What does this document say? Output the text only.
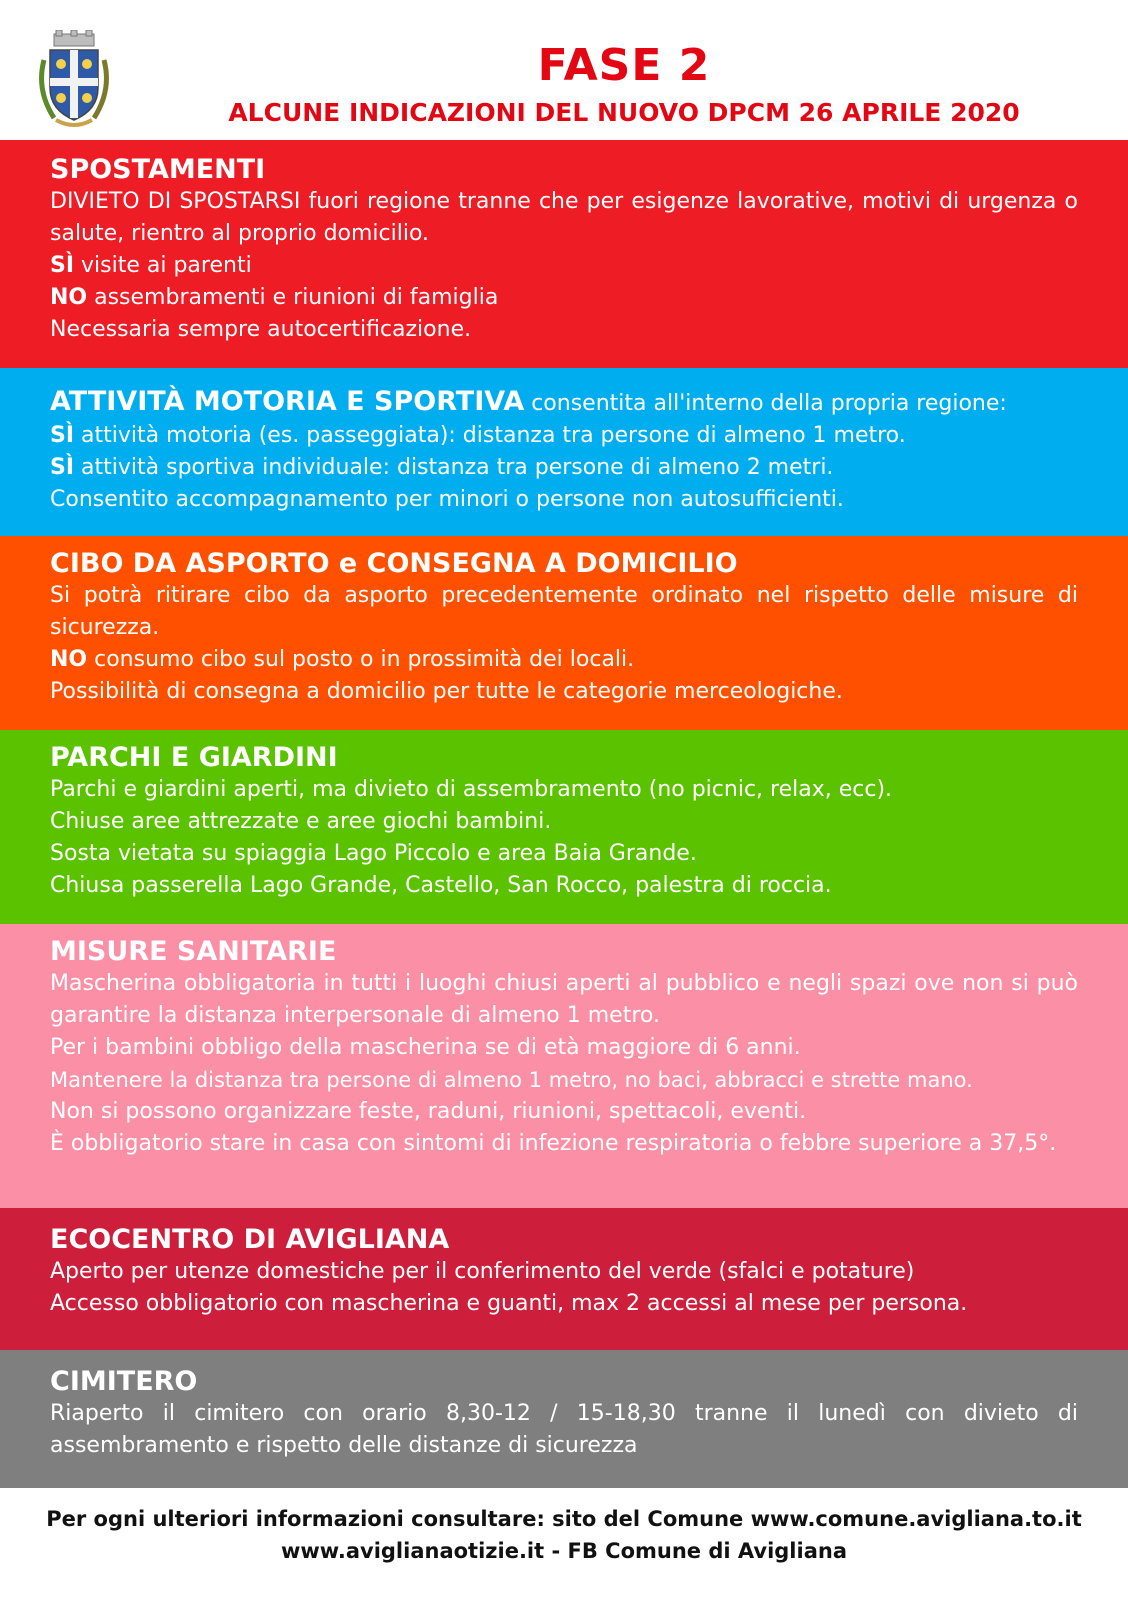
FASE 2
ALCUNE INDICAZIONI DEL NUOVO DPCM 26 APRILE 2020
SPOSTAMENTI
DIVIETO DI SPOSTARSI fuori regione tranne che per esigenze lavorative, motivi di urgenza o salute, rientro al proprio domicilio.
SÌ visite ai parenti
NO assembramenti e riunioni di famiglia
Necessaria sempre autocertificazione.
ATTIVITÀ MOTORIA E SPORTIVA consentita all'interno della propria regione:
SÌ attività motoria (es. passeggiata): distanza tra persone di almeno 1 metro.
SÌ attività sportiva individuale: distanza tra persone di almeno 2 metri.
Consentito accompagnamento per minori o persone non autosufficienti.
CIBO DA ASPORTO e CONSEGNA A DOMICILIO
Si potrà ritirare cibo da asporto precedentemente ordinato nel rispetto delle misure di sicurezza.
NO consumo cibo sul posto o in prossimità dei locali.
Possibilità di consegna a domicilio per tutte le categorie merceologiche.
PARCHI E GIARDINI
Parchi e giardini aperti, ma divieto di assembramento (no picnic, relax, ecc).
Chiuse aree attrezzate e aree giochi bambini.
Sosta vietata su spiaggia Lago Piccolo e area Baia Grande.
Chiusa passerella Lago Grande, Castello, San Rocco, palestra di roccia.
MISURE SANITARIE
Mascherina obbligatoria in tutti i luoghi chiusi aperti al pubblico e negli spazi ove non si può garantire la distanza interpersonale di almeno 1 metro.
Per i bambini obbligo della mascherina se di età maggiore di 6 anni.
Mantenere la distanza tra persone di almeno 1 metro, no baci, abbracci e strette mano.
Non si possono organizzare feste, raduni, riunioni, spettacoli, eventi.
È obbligatorio stare in casa con sintomi di infezione respiratoria o febbre superiore a 37,5°.
ECOCENTRO DI AVIGLIANA
Aperto per utenze domestiche per il conferimento del verde (sfalci e potature)
Accesso obbligatorio con mascherina e guanti, max 2 accessi al mese per persona.
CIMITERO
Riaperto il cimitero con orario 8,30-12 / 15-18,30 tranne il lunedì con divieto di assembramento e rispetto delle distanze di sicurezza
Per ogni ulteriori informazioni consultare: sito del Comune www.comune.avigliana.to.it
www.aviglianaotizie.it - FB Comune di Avigliana
